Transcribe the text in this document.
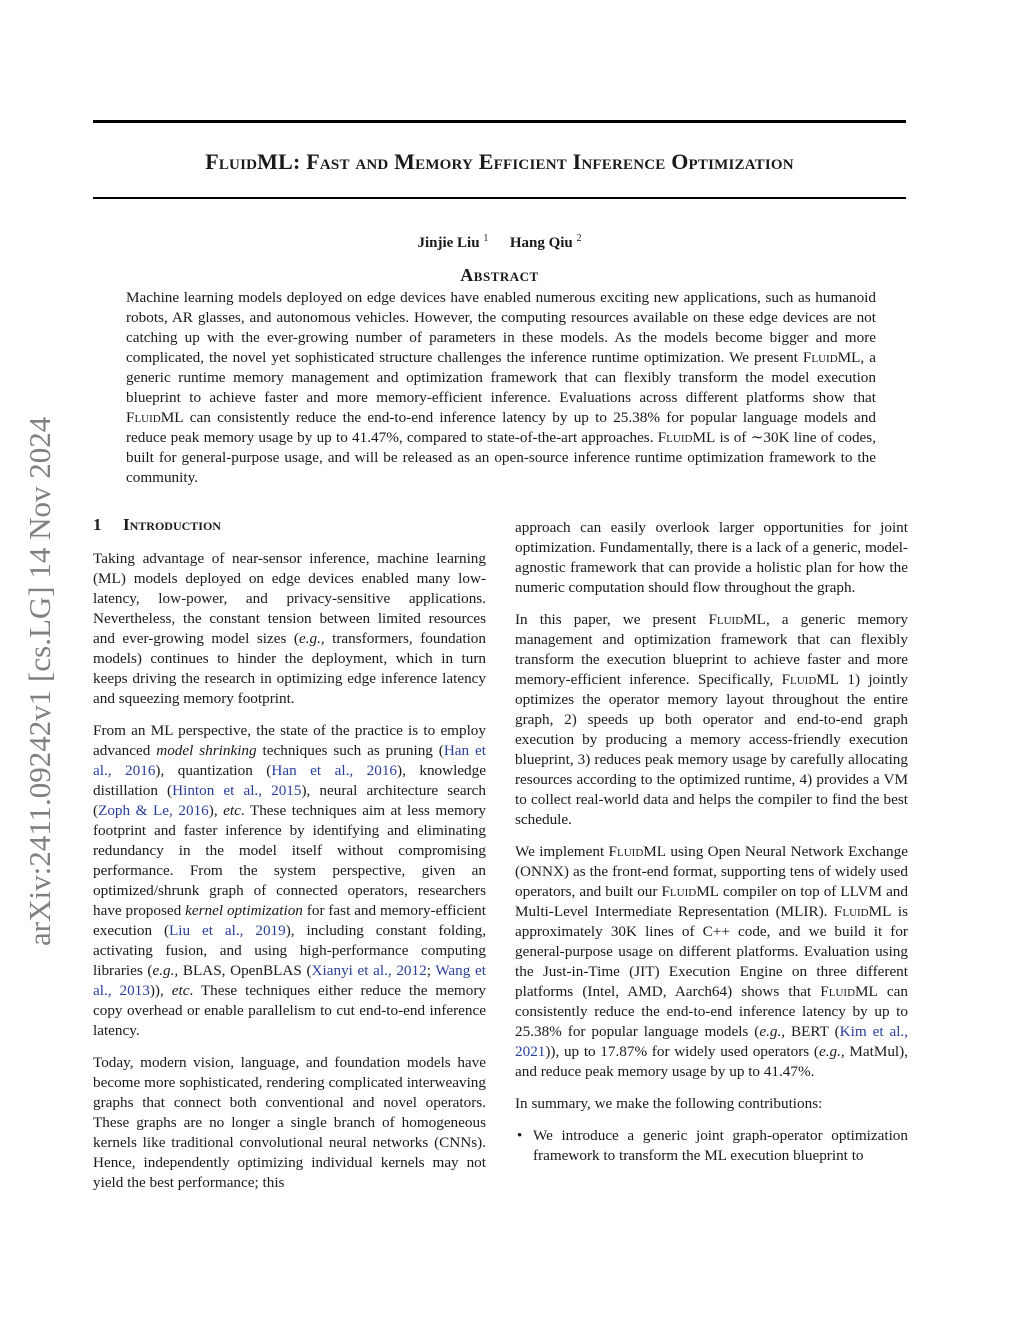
FluidML: Fast and Memory Efficient Inference Optimization
Jinjie Liu $^1$ Hang Qiu $^2$
Abstract
Machine learning models deployed on edge devices have enabled numerous exciting new applications, such as humanoid robots, AR glasses, and autonomous vehicles. However, the computing resources available on these edge devices are not catching up with the ever-growing number of parameters in these models. As the models become bigger and more complicated, the novel yet sophisticated structure challenges the inference runtime optimization. We present FluidML, a generic runtime memory management and optimization framework that can flexibly transform the model execution blueprint to achieve faster and more memory-efficient inference. Evaluations across different platforms show that FluidML can consistently reduce the end-to-end inference latency by up to 25.38% for popular language models and reduce peak memory usage by up to 41.47%, compared to state-of-the-art approaches. FluidML is of ∼30K line of codes, built for general-purpose usage, and will be released as an open-source inference runtime optimization framework to the community.
arXiv:2411.09242v1 [cs.LG] 14 Nov 2024 1 Introduction

Taking advantage of near-sensor inference, machine learning (ML) models deployed on edge devices enabled many low-latency, low-power, and privacy-sensitive applications. Nevertheless, the constant tension between limited resources and ever-growing model sizes (e.g., transformers, foundation models) continues to hinder the deployment, which in turn keeps driving the research in optimizing edge inference latency and squeezing memory footprint.

From an ML perspective, the state of the practice is to employ advanced model shrinking techniques such as pruning (Han et al., 2016), quantization (Han et al., 2016), knowledge distillation (Hinton et al., 2015), neural architecture search (Zoph & Le, 2016), etc. These techniques aim at less memory footprint and faster inference by identifying and eliminating redundancy in the model itself without compromising performance. From the system perspective, given an optimized/shrunk graph of connected operators, researchers have proposed kernel optimization for fast and memory-efficient execution (Liu et al., 2019), including constant folding, activating fusion, and using high-performance computing libraries (e.g., BLAS, OpenBLAS (Xianyi et al., 2012; Wang et al., 2013)), etc. These techniques either reduce the memory copy overhead or enable parallelism to cut end-to-end inference latency.

Today, modern vision, language, and foundation models have become more sophisticated, rendering complicated interweaving graphs that connect both conventional and novel operators. These graphs are no longer a single branch of homogeneous kernels like traditional convolutional neural networks (CNNs). Hence, independently optimizing individual kernels may not yield the best performance; this

approach can easily overlook larger opportunities for joint optimization. Fundamentally, there is a lack of a generic, model-agnostic framework that can provide a holistic plan for how the numeric computation should flow throughout the graph.

In this paper, we present FluidML, a generic memory management and optimization framework that can flexibly transform the execution blueprint to achieve faster and more memory-efficient inference. Specifically, FluidML 1) jointly optimizes the operator memory layout throughout the entire graph, 2) speeds up both operator and end-to-end graph execution by producing a memory access-friendly execution blueprint, 3) reduces peak memory usage by carefully allocating resources according to the optimized runtime, 4) provides a VM to collect real-world data and helps the compiler to find the best schedule.

We implement FluidML using Open Neural Network Exchange (ONNX) as the front-end format, supporting tens of widely used operators, and built our FluidML compiler on top of LLVM and Multi-Level Intermediate Representation (MLIR). FluidML is approximately 30K lines of C++ code, and we build it for general-purpose usage on different platforms. Evaluation using the Just-in-Time (JIT) Execution Engine on three different platforms (Intel, AMD, Aarch64) shows that FluidML can consistently reduce the end-to-end inference latency by up to 25.38% for popular language models (e.g., BERT (Kim et al., 2021)), up to 17.87% for widely used operators (e.g., MatMul), and reduce peak memory usage by up to 41.47%.

In summary, we make the following contributions:

• We introduce a generic joint graph-operator optimization framework to transform the ML execution blueprint to
